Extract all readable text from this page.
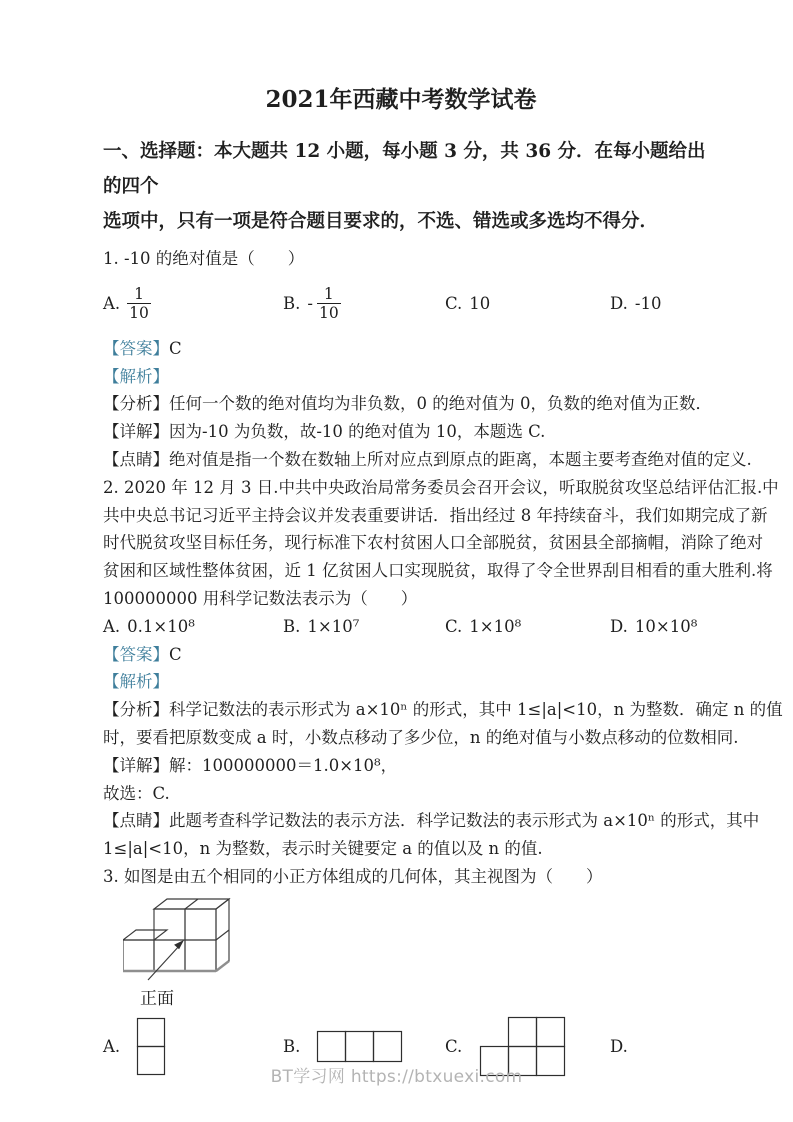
2021年西藏中考数学试卷
一、选择题：本大题共 12 小题，每小题 3 分，共 36 分．在每小题给出的四个
选项中，只有一项是符合题目要求的，不选、错选或多选均不得分．
1. -10 的绝对值是（　　）
A. $\frac{1}{10}$	B. - $\frac{1}{10}$	C. 10	D. -10
【答案】C
【解析】
【分析】任何一个数的绝对值均为非负数，0 的绝对值为 0，负数的绝对值为正数．
【详解】因为-10 为负数，故-10 的绝对值为 10，本题选 C.
【点睛】绝对值是指一个数在数轴上所对应点到原点的距离，本题主要考查绝对值的定义.
2. 2020 年 12 月 3 日.中共中央政治局常务委员会召开会议，听取脱贫攻坚总结评估汇报.中
共中央总书记习近平主持会议并发表重要讲话．指出经过 8 年持续奋斗，我们如期完成了新
时代脱贫攻坚目标任务，现行标准下农村贫困人口全部脱贫，贫困县全部摘帽，消除了绝对
贫困和区域性整体贫困，近 1 亿贫困人口实现脱贫，取得了令全世界刮目相看的重大胜利.将
100000000 用科学记数法表示为（　　）
A. 0.1×10⁸	B. 1×10⁷	C. 1×10⁸	D. 10×10⁸
【答案】C
【解析】
【分析】科学记数法的表示形式为 a×10ⁿ 的形式，其中 1≤|a|<10，n 为整数．确定 n 的值
时，要看把原数变成 a 时，小数点移动了多少位，n 的绝对值与小数点移动的位数相同.
【详解】解：100000000＝1.0×10⁸，
故选：C.
【点睛】此题考查科学记数法的表示方法．科学记数法的表示形式为 a×10ⁿ 的形式，其中
1≤|a|<10，n 为整数，表示时关键要定 a 的值以及 n 的值.
3. 如图是由五个相同的小正方体组成的几何体，其主视图为（　　）
正面
A.	B.	C.	D.
BT学习网 https://btxuexi.com
